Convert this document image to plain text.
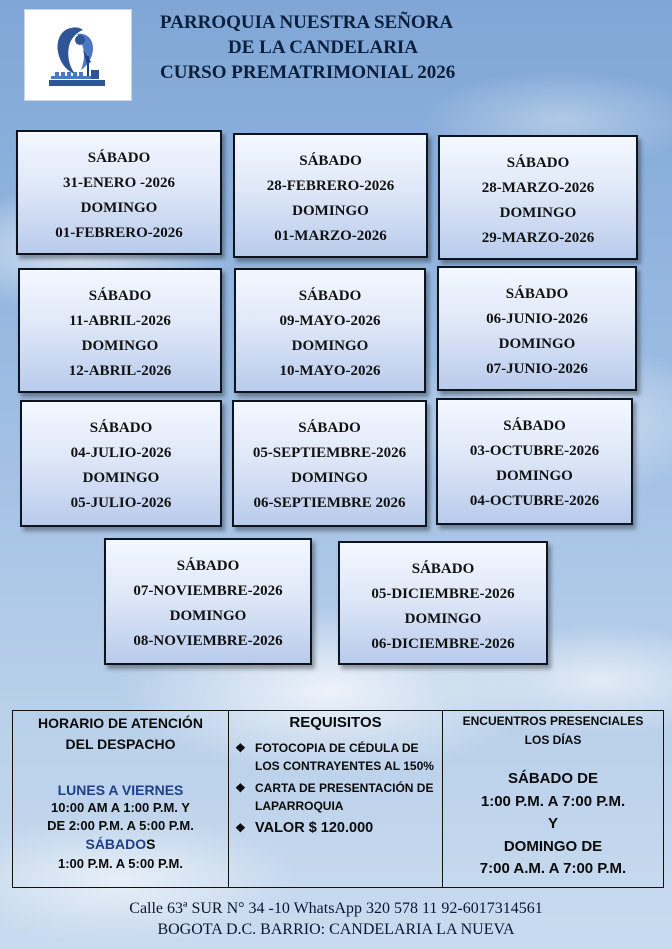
PARROQUIA NUESTRA SEÑORA
DE LA CANDELARIA
CURSO PREMATRIMONIAL 2026
SÁBADO
31-ENERO -2026
DOMINGO
01-FEBRERO-2026
SÁBADO
28-FEBRERO-2026
DOMINGO
01-MARZO-2026
SÁBADO
28-MARZO-2026
DOMINGO
29-MARZO-2026
SÁBADO
11-ABRIL-2026
DOMINGO
12-ABRIL-2026
SÁBADO
09-MAYO-2026
DOMINGO
10-MAYO-2026
SÁBADO
06-JUNIO-2026
DOMINGO
07-JUNIO-2026
SÁBADO
04-JULIO-2026
DOMINGO
05-JULIO-2026
SÁBADO
05-SEPTIEMBRE-2026
DOMINGO
06-SEPTIEMBRE 2026
SÁBADO
03-OCTUBRE-2026
DOMINGO
04-OCTUBRE-2026
SÁBADO
07-NOVIEMBRE-2026
DOMINGO
08-NOVIEMBRE-2026
SÁBADO
05-DICIEMBRE-2026
DOMINGO
06-DICIEMBRE-2026
HORARIO DE ATENCIÓN
DEL DESPACHO
LUNES A VIERNES
10:00 AM A 1:00 P.M. Y
DE 2:00 P.M. A 5:00 P.M.
SÁBADOS
1:00 P.M. A 5:00 P.M.
REQUISITOS
❖ FOTOCOPIA DE CÉDULA DE LOS CONTRAYENTES AL 150%
❖ CARTA DE PRESENTACIÓN DE LAPARROQUIA
❖ VALOR $ 120.000
ENCUENTROS PRESENCIALES
LOS DÍAS
SÁBADO DE
1:00 P.M. A 7:00 P.M.
Y
DOMINGO DE
7:00 A.M. A 7:00 P.M.
Calle 63ª SUR N° 34 -10 WhatsApp 320 578 11 92-6017314561
BOGOTA D.C. BARRIO: CANDELARIA LA NUEVA
